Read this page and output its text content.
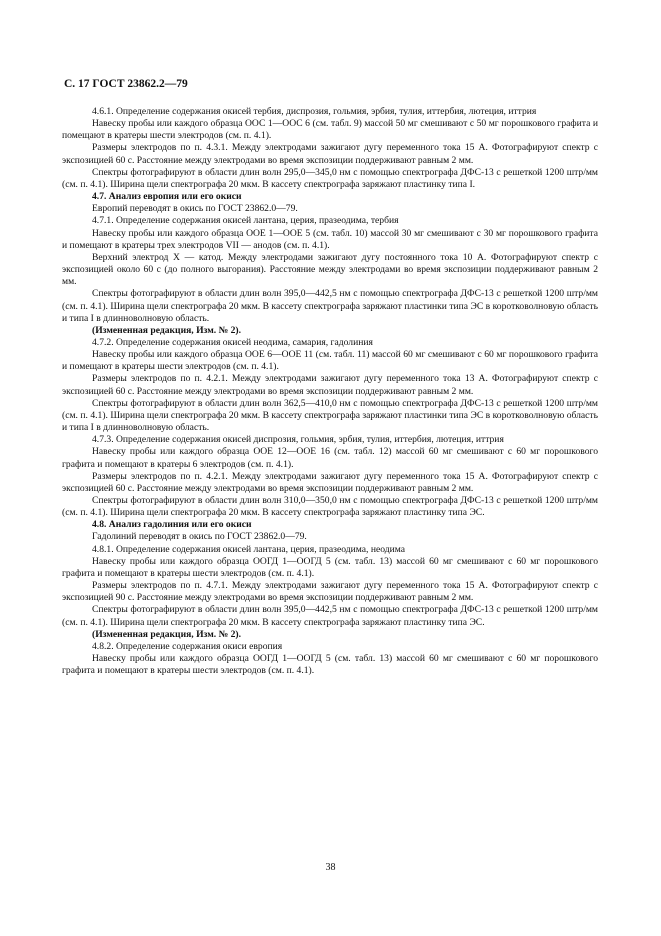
С. 17 ГОСТ 23862.2—79

4.6.1. Определение содержания окисей тербия, диспрозия, гольмия, эрбия, тулия, иттербия, лютеция, иттрия

Навеску пробы или каждого образца ООС 1—ООС 6 (см. табл. 9) массой 50 мг смешивают с 50 мг порошкового графита и помещают в кратеры шести электродов (см. п. 4.1).

Размеры электродов по п. 4.3.1. Между электродами зажигают дугу переменного тока 15 А. Фотографируют спектр с экспозицией 60 с. Расстояние между электродами во время экспозиции поддерживают равным 2 мм.

Спектры фотографируют в области длин волн 295,0—345,0 нм с помощью спектрографа ДФС-13 с решеткой 1200 штр/мм (см. п. 4.1). Ширина щели спектрографа 20 мкм. В кассету спектрографа заряжают пластинку типа I.

4.7. Анализ европия или его окиси

Европий переводят в окись по ГОСТ 23862.0—79.

4.7.1. Определение содержания окисей лантана, церия, празеодима, тербия

Навеску пробы или каждого образца ООЕ 1—ООЕ 5 (см. табл. 10) массой 30 мг смешивают с 30 мг порошкового графита и помещают в кратеры трех электродов VII — анодов (см. п. 4.1).

Верхний электрод X — катод. Между электродами зажигают дугу постоянного тока 10 А. Фотографируют спектр с экспозицией около 60 с (до полного выгорания). Расстояние между электродами во время экспозиции поддерживают равным 2 мм.

Спектры фотографируют в области длин волн 395,0—442,5 нм с помощью спектрографа ДФС-13 с решеткой 1200 штр/мм (см. п. 4.1). Ширина щели спектрографа 20 мкм. В кассету спектрографа заряжают пластинки типа ЭС в коротковолновую область и типа I в длинноволновую область.

(Измененная редакция, Изм. № 2).

4.7.2. Определение содержания окисей неодима, самария, гадолиния

Навеску пробы или каждого образца ООЕ 6—ООЕ 11 (см. табл. 11) массой 60 мг смешивают с 60 мг порошкового графита и помещают в кратеры шести электродов (см. п. 4.1).

Размеры электродов по п. 4.2.1. Между электродами зажигают дугу переменного тока 13 А. Фотографируют спектр с экспозицией 60 с. Расстояние между электродами во время экспозиции поддерживают равным 2 мм.

Спектры фотографируют в области длин волн 362,5—410,0 нм с помощью спектрографа ДФС-13 с решеткой 1200 штр/мм (см. п. 4.1). Ширина щели спектрографа 20 мкм. В кассету спектрографа заряжают пластинки типа ЭС в коротковолновую область и типа I в длинноволновую область.

4.7.3. Определение содержания окисей диспрозия, гольмия, эрбия, тулия, иттербия, лютеция, иттрия

Навеску пробы или каждого образца ООЕ 12—ООЕ 16 (см. табл. 12) массой 60 мг смешивают с 60 мг порошкового графита и помещают в кратеры 6 электродов (см. п. 4.1).

Размеры электродов по п. 4.2.1. Между электродами зажигают дугу переменного тока 15 А. Фотографируют спектр с экспозицией 60 с. Расстояние между электродами во время экспозиции поддерживают равным 2 мм.

Спектры фотографируют в области длин волн 310,0—350,0 нм с помощью спектрографа ДФС-13 с решеткой 1200 штр/мм (см. п. 4.1). Ширина щели спектрографа 20 мкм. В кассету спектрографа заряжают пластинку типа ЭС.

4.8. Анализ гадолиния или его окиси

Гадолиний переводят в окись по ГОСТ 23862.0—79.

4.8.1. Определение содержания окисей лантана, церия, празеодима, неодима

Навеску пробы или каждого образца ООГД 1—ООГД 5 (см. табл. 13) массой 60 мг смешивают с 60 мг порошкового графита и помещают в кратеры шести электродов (см. п. 4.1).

Размеры электродов по п. 4.7.1. Между электродами зажигают дугу переменного тока 15 А. Фотографируют спектр с экспозицией 90 с. Расстояние между электродами во время экспозиции поддерживают равным 2 мм.

Спектры фотографируют в области длин волн 395,0—442,5 нм с помощью спектрографа ДФС-13 с решеткой 1200 штр/мм (см. п. 4.1). Ширина щели спектрографа 20 мкм. В кассету спектрографа заряжают пластинку типа ЭС.

(Измененная редакция, Изм. № 2).

4.8.2. Определение содержания окиси европия

Навеску пробы или каждого образца ООГД 1—ООГД 5 (см. табл. 13) массой 60 мг смешивают с 60 мг порошкового графита и помещают в кратеры шести электродов (см. п. 4.1).

38
